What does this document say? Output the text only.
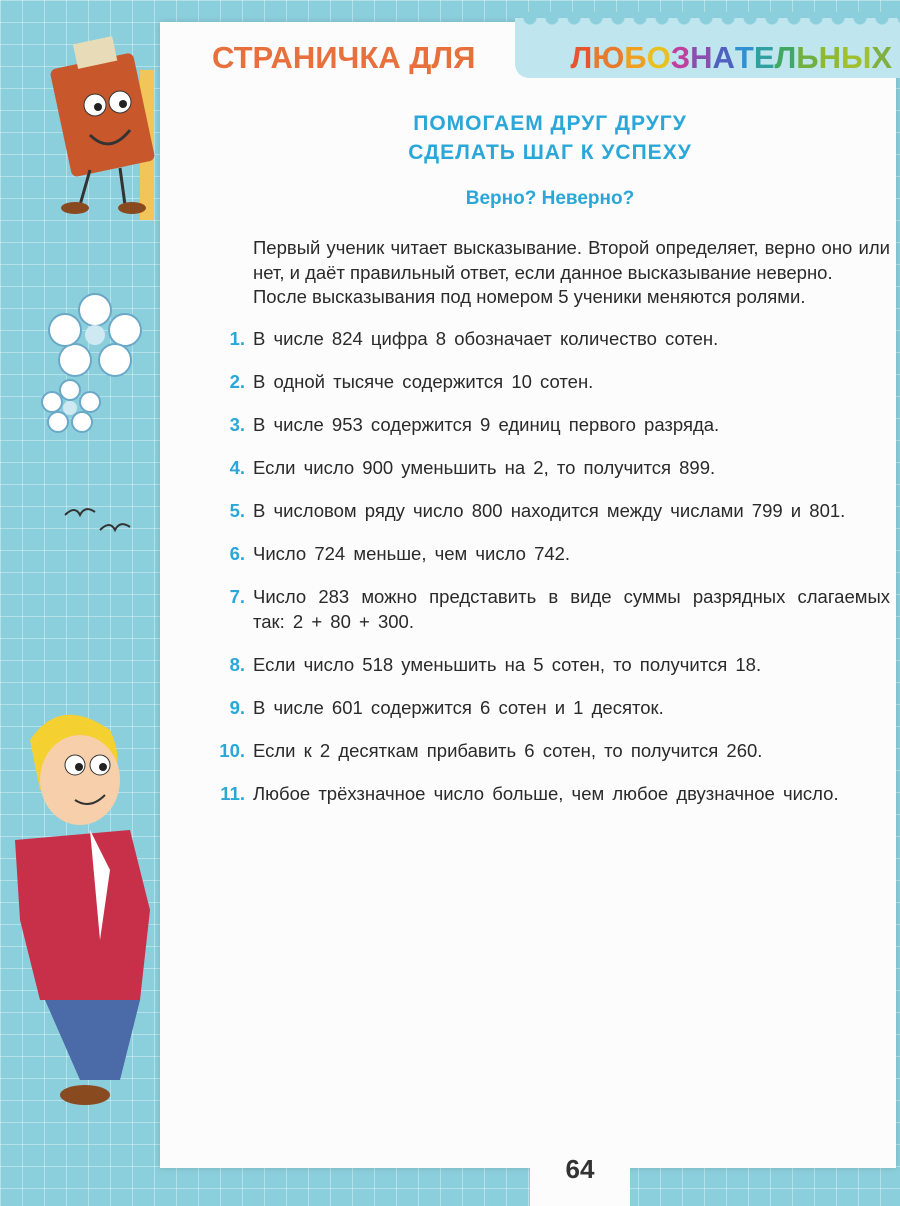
СТРАНИЧКА ДЛЯ	ЛЮБОЗНАТЕЛЬНЫХ
ПОМОГАЕМ ДРУГ ДРУГУ
СДЕЛАТЬ ШАГ К УСПЕХУ
Верно? Неверно?

Первый ученик читает высказывание. Второй определяет, верно оно или нет, и даёт правильный ответ, если данное высказывание неверно.

После высказывания под номером 5 ученики меняются ролями.

1. В числе 824 цифра 8 обозначает количество сотен.
2. В одной тысяче содержится 10 сотен.
3. В числе 953 содержится 9 единиц первого разряда.
4. Если число 900 уменьшить на 2, то получится 899.
5. В числовом ряду число 800 находится между числами 799 и 801.
6. Число 724 меньше, чем число 742.
7. Число 283 можно представить в виде суммы разрядных слагаемых так: 2 + 80 + 300.
8. Если число 518 уменьшить на 5 сотен, то получится 18.
9. В числе 601 содержится 6 сотен и 1 десяток.
10. Если к 2 десяткам прибавить 6 сотен, то получится 260.
11. Любое трёхзначное число больше, чем любое двузначное число.
64
